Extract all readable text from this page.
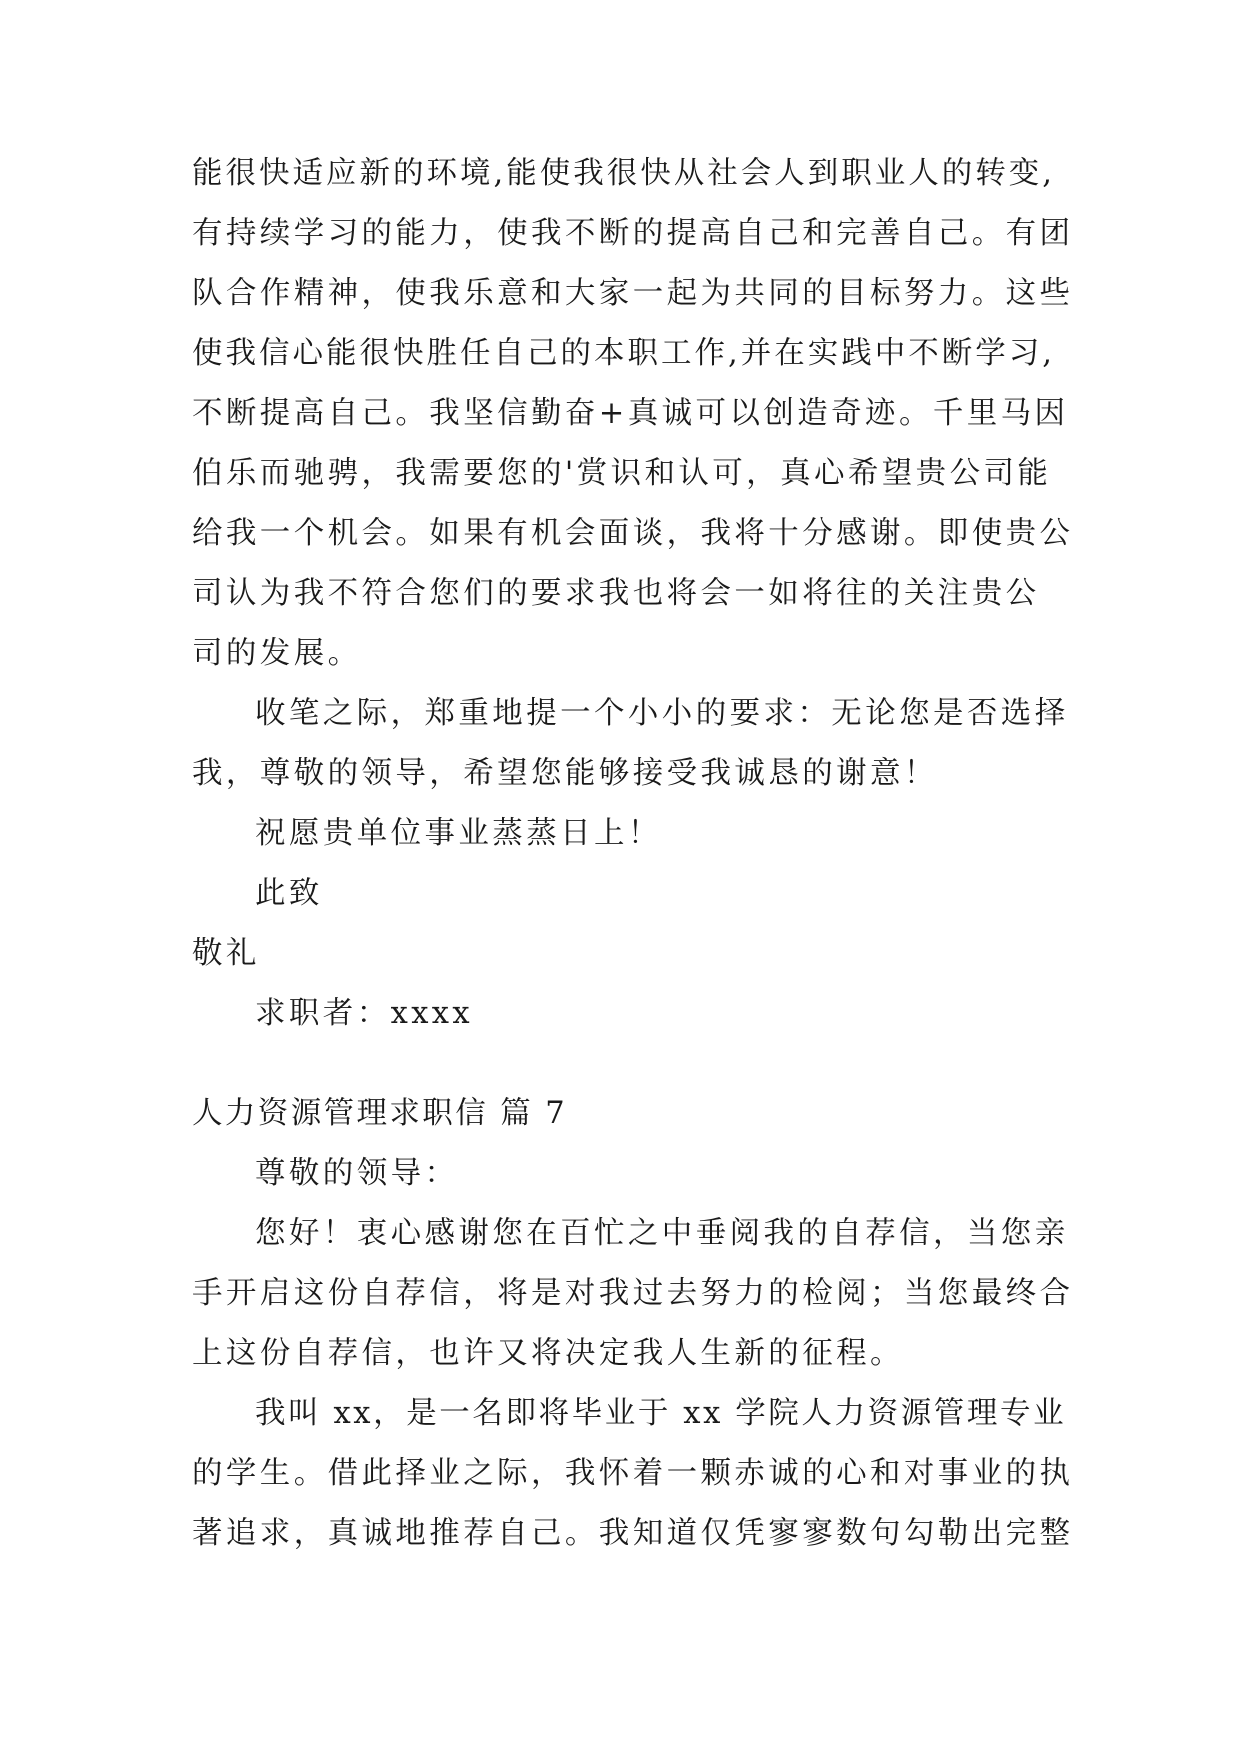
能很快适应新的环境,能使我很快从社会人到职业人的转变,
有持续学习的能力，使我不断的提高自己和完善自己。有团
队合作精神，使我乐意和大家一起为共同的目标努力。这些
使我信心能很快胜任自己的本职工作,并在实践中不断学习,
不断提高自己。我坚信勤奋+真诚可以创造奇迹。千里马因
伯乐而驰骋，我需要您的'赏识和认可，真心希望贵公司能
给我一个机会。如果有机会面谈，我将十分感谢。即使贵公
司认为我不符合您们的要求我也将会一如将往的关注贵公
司的发展。
收笔之际，郑重地提一个小小的要求：无论您是否选择
我，尊敬的领导，希望您能够接受我诚恳的谢意！
祝愿贵单位事业蒸蒸日上！
此致
敬礼
求职者：xxxx
人力资源管理求职信 篇 7
尊敬的领导：
您好！衷心感谢您在百忙之中垂阅我的自荐信，当您亲
手开启这份自荐信，将是对我过去努力的检阅；当您最终合
上这份自荐信，也许又将决定我人生新的征程。
我叫 xx，是一名即将毕业于 xx 学院人力资源管理专业
的学生。借此择业之际，我怀着一颗赤诚的心和对事业的执
著追求，真诚地推荐自己。我知道仅凭寥寥数句勾勒出完整
